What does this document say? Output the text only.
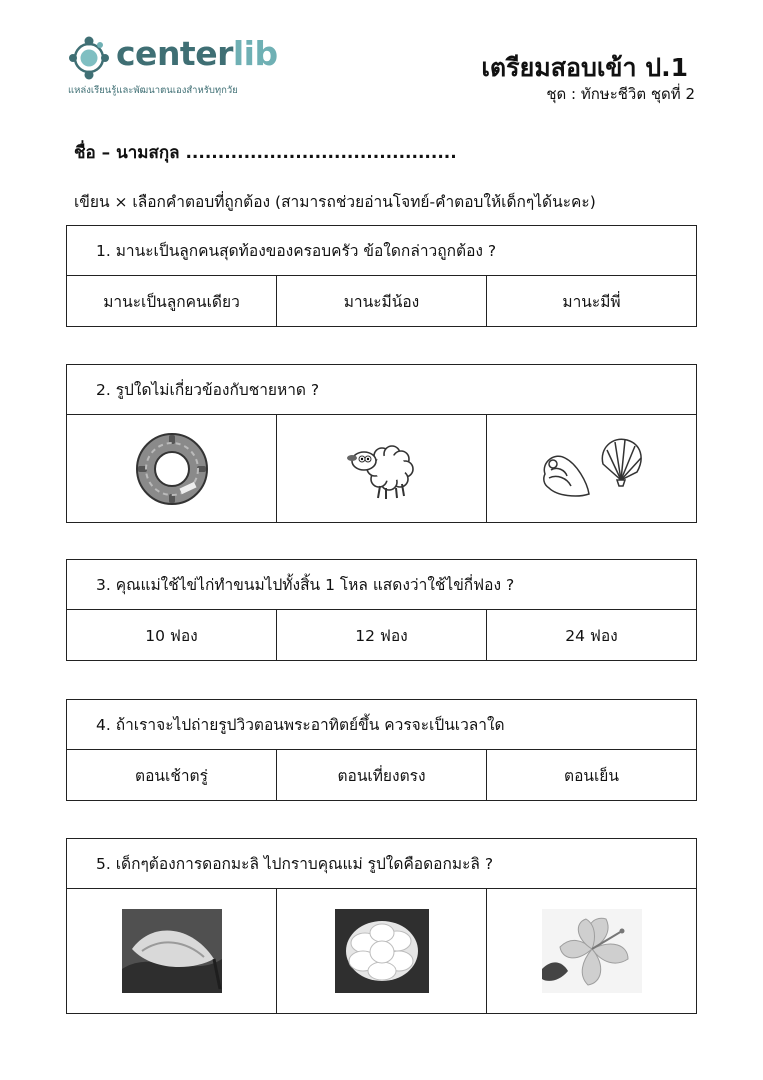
centerlib
แหล่งเรียนรู้และพัฒนาตนเองสำหรับทุกวัย
เตรียมสอบเข้า ป.1
ชุด : ทักษะชีวิต ชุดที่ 2
ชื่อ – นามสกุล ..........................................
เขียน × เลือกคำตอบที่ถูกต้อง (สามารถช่วยอ่านโจทย์-คำตอบให้เด็กๆได้นะคะ)
1. มานะเป็นลูกคนสุดท้องของครอบครัว ข้อใดกล่าวถูกต้อง ?
มานะเป็นลูกคนเดียว	มานะมีน้อง	มานะมีพี่
2. รูปใดไม่เกี่ยวข้องกับชายหาด ?
3. คุณแม่ใช้ไข่ไก่ทำขนมไปทั้งสิ้น 1 โหล แสดงว่าใช้ไข่กี่ฟอง ?
10 ฟอง	12 ฟอง	24 ฟอง
4. ถ้าเราจะไปถ่ายรูปวิวตอนพระอาทิตย์ขึ้น ควรจะเป็นเวลาใด
ตอนเช้าตรู่	ตอนเที่ยงตรง	ตอนเย็น
5. เด็กๆต้องการดอกมะลิ ไปกราบคุณแม่ รูปใดคือดอกมะลิ ?
